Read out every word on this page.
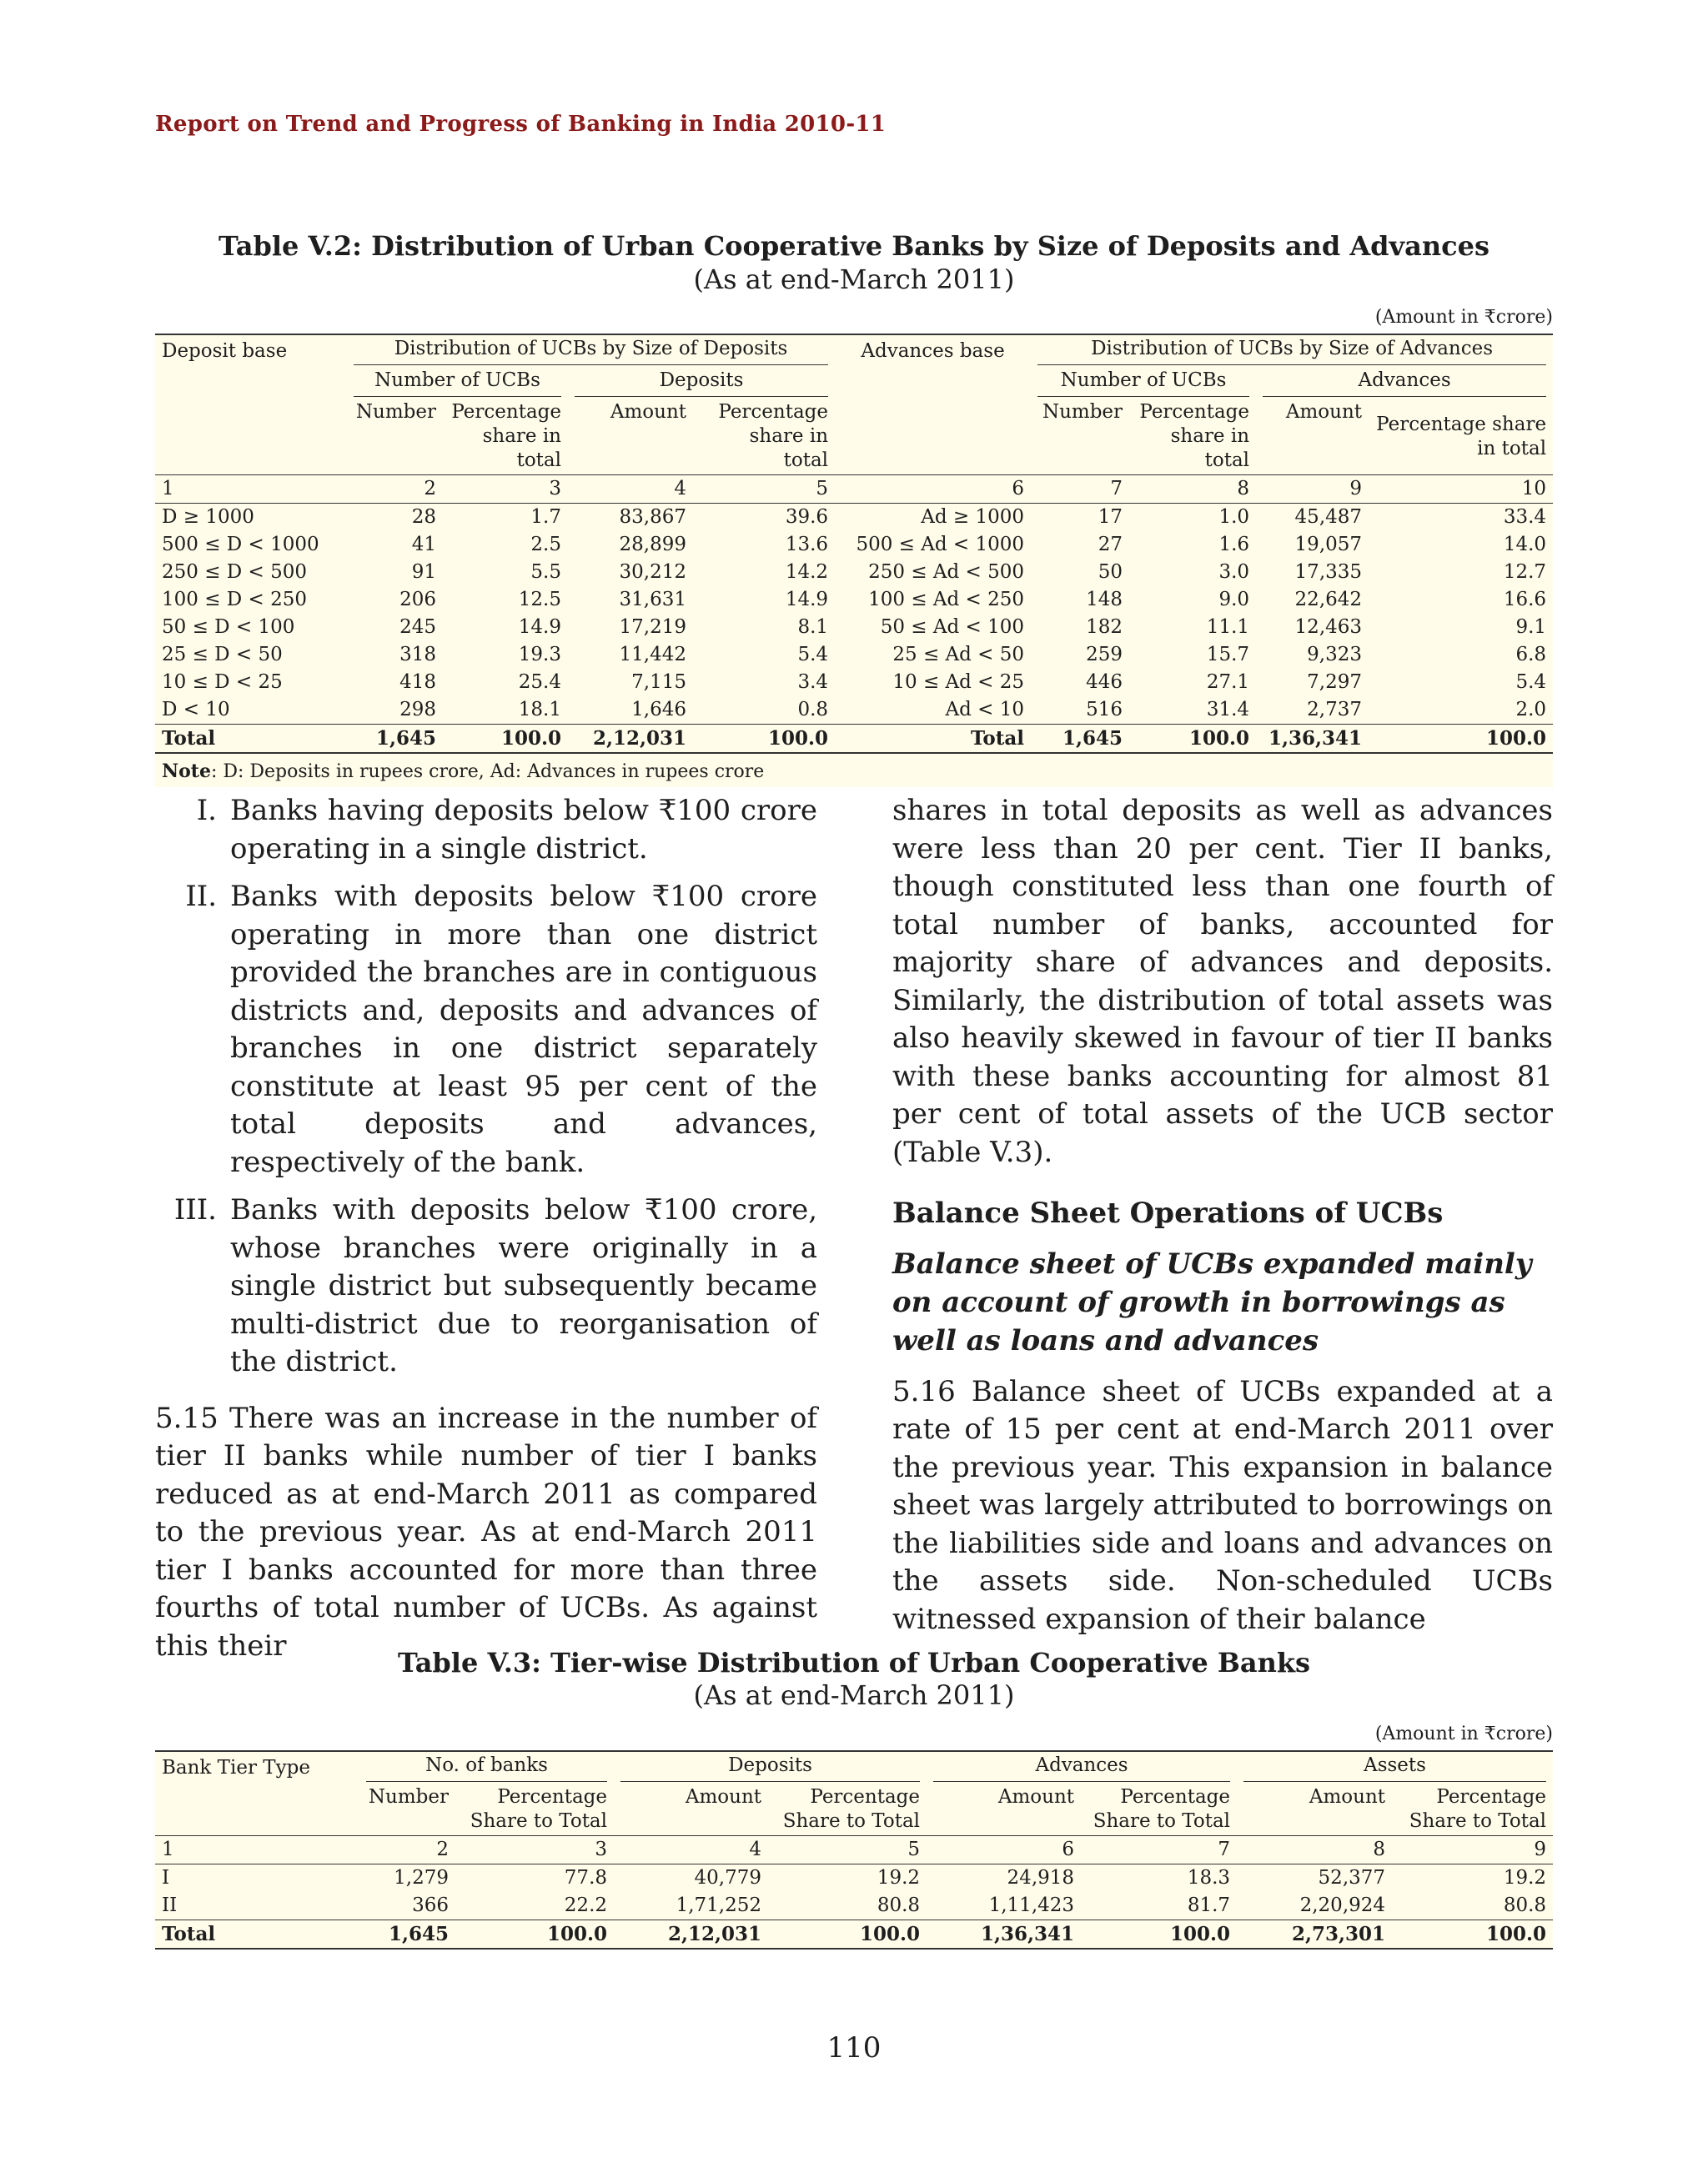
Report on Trend and Progress of Banking in India 2010-11
Table V.2: Distribution of Urban Cooperative Banks by Size of Deposits and Advances
(As at end-March 2011)
(Amount in ₹crore)
Deposit base	Distribution of UCBs by Size of Deposits				Advances base	Distribution of UCBs by Size of Advances			

	Number of UCBs		Deposits			Number of UCBs		Advances	

	Number	Percentage share in total	Amount	Percentage share in total		Number	Percentage share in total	Amount	Percentage share in total
1	2	3	4	5	6	7	8	9	10
D ≥ 1000	28	1.7	83,867	39.6	Ad ≥ 1000	17	1.0	45,487	33.4
500 ≤ D < 1000	41	2.5	28,899	13.6	500 ≤ Ad < 1000	27	1.6	19,057	14.0
250 ≤ D < 500	91	5.5	30,212	14.2	250 ≤ Ad < 500	50	3.0	17,335	12.7
100 ≤ D < 250	206	12.5	31,631	14.9	100 ≤ Ad < 250	148	9.0	22,642	16.6
50 ≤ D < 100	245	14.9	17,219	8.1	50 ≤ Ad < 100	182	11.1	12,463	9.1
25 ≤ D < 50	318	19.3	11,442	5.4	25 ≤ Ad < 50	259	15.7	9,323	6.8
10 ≤ D < 25	418	25.4	7,115	3.4	10 ≤ Ad < 25	446	27.1	7,297	5.4
D < 10	298	18.1	1,646	0.8	Ad < 10	516	31.4	2,737	2.0
Total	1,645	100.0	2,12,031	100.0	Total	1,645	100.0	1,36,341	100.0
Note: D: Deposits in rupees crore, Ad: Advances in rupees crore
I. Banks having deposits below ₹100 crore operating in a single district.
II. Banks with deposits below ₹100 crore operating in more than one district provided the branches are in contiguous districts and, deposits and advances of branches in one district separately constitute at least 95 per cent of the total deposits and advances, respectively of the bank.
III. Banks with deposits below ₹100 crore, whose branches were originally in a single district but subsequently became multi-district due to reorganisation of the district.

5.15 There was an increase in the number of tier II banks while number of tier I banks reduced as at end-March 2011 as compared to the previous year. As at end-March 2011 tier I banks accounted for more than three fourths of total number of UCBs. As against this their

shares in total deposits as well as advances were less than 20 per cent. Tier II banks, though constituted less than one fourth of total number of banks, accounted for majority share of advances and deposits. Similarly, the distribution of total assets was also heavily skewed in favour of tier II banks with these banks accounting for almost 81 per cent of total assets of the UCB sector (Table V.3).

Balance Sheet Operations of UCBs

Balance sheet of UCBs expanded mainly on account of growth in borrowings as well as loans and advances

5.16 Balance sheet of UCBs expanded at a rate of 15 per cent at end-March 2011 over the previous year. This expansion in balance sheet was largely attributed to borrowings on the liabilities side and loans and advances on the assets side. Non-scheduled UCBs witnessed expansion of their balance

Table V.3: Tier-wise Distribution of Urban Cooperative Banks
(As at end-March 2011)
(Amount in ₹crore)
Bank Tier Type	No. of banks		Deposits		Advances		Assets	

	Number	Percentage Share to Total	Amount	Percentage Share to Total	Amount	Percentage Share to Total	Amount	Percentage Share to Total
1	2	3	4	5	6	7	8	9
I	1,279	77.8	40,779	19.2	24,918	18.3	52,377	19.2
II	366	22.2	1,71,252	80.8	1,11,423	81.7	2,20,924	80.8
Total	1,645	100.0	2,12,031	100.0	1,36,341	100.0	2,73,301	100.0
110
